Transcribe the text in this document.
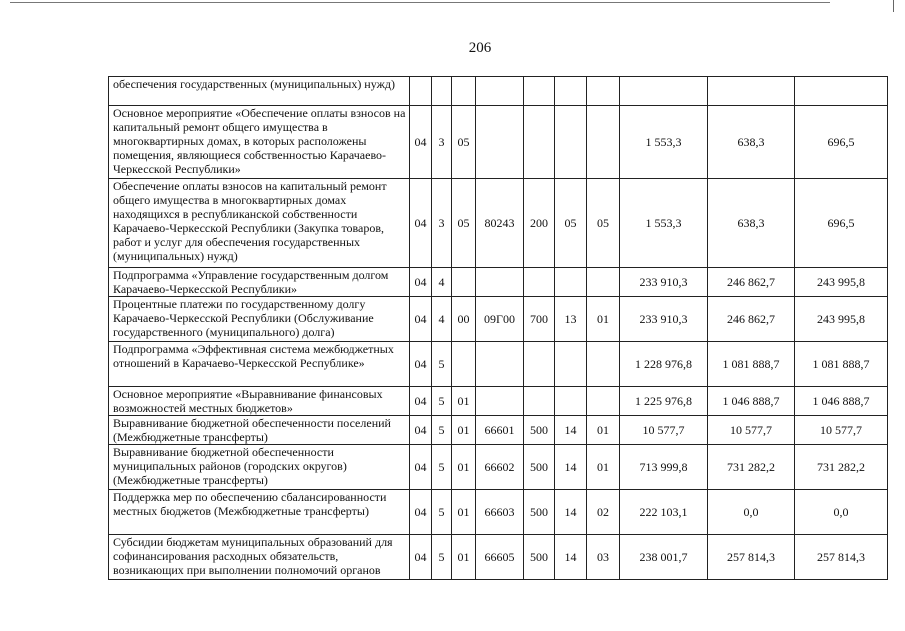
206
обеспечения государственных (муниципальных) нужд)										
Основное мероприятие «Обеспечение оплаты взносов на капитальный ремонт общего имущества в многоквартирных домах, в которых расположены помещения, являющиеся собственностью Карачаево-Черкесской Республики»	04	3	05					1 553,3	638,3	696,5
Обеспечение оплаты взносов на капитальный ремонт общего имущества в многоквартирных домах находящихся в республиканской собственности Карачаево-Черкесской Республики (Закупка товаров, работ и услуг для обеспечения государственных (муниципальных) нужд)	04	3	05	80243	200	05	05	1 553,3	638,3	696,5
Подпрограмма «Управление государственным долгом Карачаево-Черкесской Республики»	04	4						233 910,3	246 862,7	243 995,8
Процентные платежи по государственному долгу Карачаево-Черкесской Республики (Обслуживание государственного (муниципального) долга)	04	4	00	09Г00	700	13	01	233 910,3	246 862,7	243 995,8
Подпрограмма «Эффективная система межбюджетных отношений в Карачаево-Черкесской Республике»	04	5						1 228 976,8	1 081 888,7	1 081 888,7
Основное мероприятие «Выравнивание финансовых возможностей местных бюджетов»	04	5	01					1 225 976,8	1 046 888,7	1 046 888,7
Выравнивание бюджетной обеспеченности поселений (Межбюджетные трансферты)	04	5	01	66601	500	14	01	10 577,7	10 577,7	10 577,7
Выравнивание бюджетной обеспеченности муниципальных районов (городских округов) (Межбюджетные трансферты)	04	5	01	66602	500	14	01	713 999,8	731 282,2	731 282,2
Поддержка мер по обеспечению сбалансированности местных бюджетов (Межбюджетные трансферты)	04	5	01	66603	500	14	02	222 103,1	0,0	0,0
Субсидии бюджетам муниципальных образований для софинансирования расходных обязательств, возникающих при выполнении полномочий органов	04	5	01	66605	500	14	03	238 001,7	257 814,3	257 814,3
